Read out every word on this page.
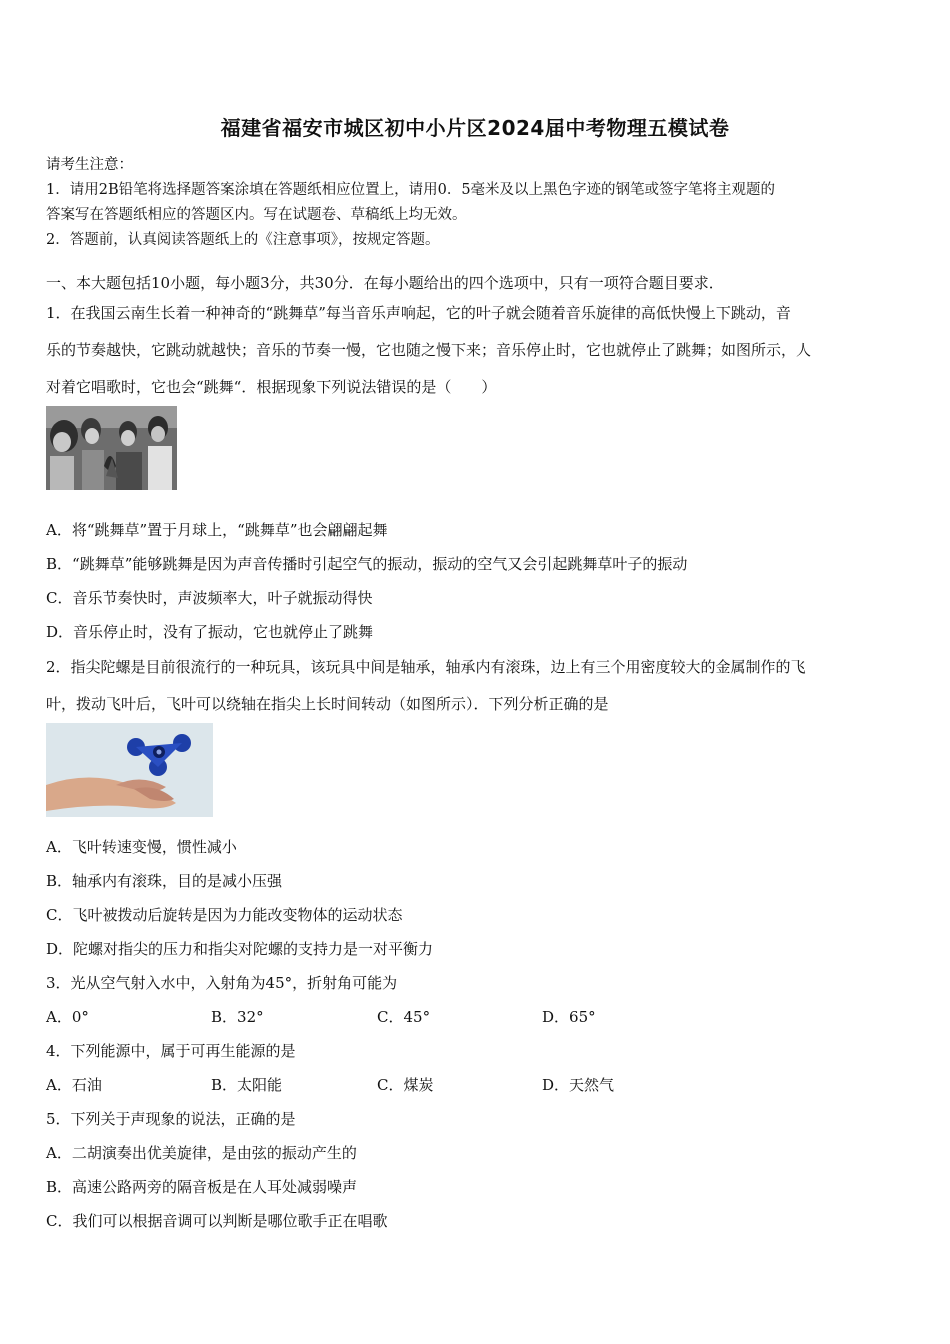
福建省福安市城区初中小片区2024届中考物理五模试卷
请考生注意：
1．请用2B铅笔将选择题答案涂填在答题纸相应位置上，请用0．5毫米及以上黑色字迹的钢笔或签字笔将主观题的
答案写在答题纸相应的答题区内。写在试题卷、草稿纸上均无效。
2．答题前，认真阅读答题纸上的《注意事项》，按规定答题。
一、本大题包括10小题，每小题3分，共30分．在每小题给出的四个选项中，只有一项符合题目要求．
1．在我国云南生长着一种神奇的“跳舞草”每当音乐声响起，它的叶子就会随着音乐旋律的高低快慢上下跳动，音
乐的节奏越快，它跳动就越快；音乐的节奏一慢，它也随之慢下来；音乐停止时，它也就停止了跳舞；如图所示，人
对着它唱歌时，它也会“跳舞“．根据现象下列说法错误的是（　　）
A．将“跳舞草”置于月球上，“跳舞草”也会翩翩起舞
B．“跳舞草”能够跳舞是因为声音传播时引起空气的振动，振动的空气又会引起跳舞草叶子的振动
C．音乐节奏快时，声波频率大，叶子就振动得快
D．音乐停止时，没有了振动，它也就停止了跳舞
2．指尖陀螺是目前很流行的一种玩具，该玩具中间是轴承，轴承内有滚珠，边上有三个用密度较大的金属制作的飞
叶，拨动飞叶后，飞叶可以绕轴在指尖上长时间转动（如图所示）．下列分析正确的是
A．飞叶转速变慢，惯性减小
B．轴承内有滚珠，目的是减小压强
C．飞叶被拨动后旋转是因为力能改变物体的运动状态
D．陀螺对指尖的压力和指尖对陀螺的支持力是一对平衡力
3．光从空气射入水中，入射角为45°，折射角可能为
A．0°	B．32°	C．45°	D．65°
4．下列能源中，属于可再生能源的是
A．石油	B．太阳能	C．煤炭	D．天然气
5．下列关于声现象的说法，正确的是
A．二胡演奏出优美旋律，是由弦的振动产生的
B．高速公路两旁的隔音板是在人耳处减弱噪声
C．我们可以根据音调可以判断是哪位歌手正在唱歌
